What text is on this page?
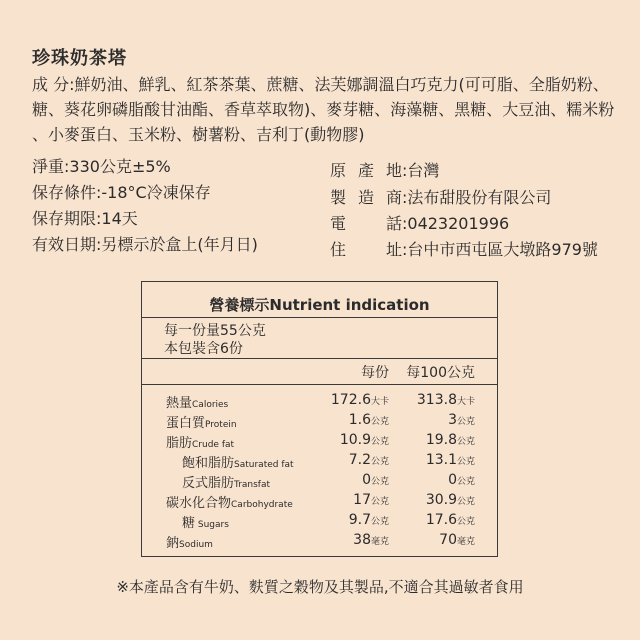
珍珠奶茶塔
成 分:鮮奶油、鮮乳、紅茶茶葉、蔗糖、法芙娜調溫白巧克力(可可脂、全脂奶粉、
糖、葵花卵磷脂酸甘油酯、香草萃取物)、麥芽糖、海藻糖、黑糖、大豆油、糯米粉
、小麥蛋白、玉米粉、樹薯粉、吉利丁(動物膠)
淨重:330公克±5%
保存條件:-18°C冷凍保存
保存期限:14天
有效日期:另標示於盒上(年月日)
原產地:台灣
製造商:法布甜股份有限公司
電話:0423201996
住址:台中市西屯區大墩路979號
營養標示Nutrient indication
每一份量55公克
本包裝含6份
每份 每100公克
熱量Calories	172.6大卡 313.8大卡
蛋白質Protein	1.6公克	3公克
脂肪Crude fat	10.9公克	19.8公克
飽和脂肪Saturated fat	7.2公克	13.1公克
反式脂肪Transfat	0公克	0公克
碳水化合物Carbohydrate	17公克	30.9公克
糖 Sugars	9.7公克	17.6公克
鈉Sodium	38毫克	70毫克
※本產品含有牛奶、麩質之穀物及其製品,不適合其過敏者食用
